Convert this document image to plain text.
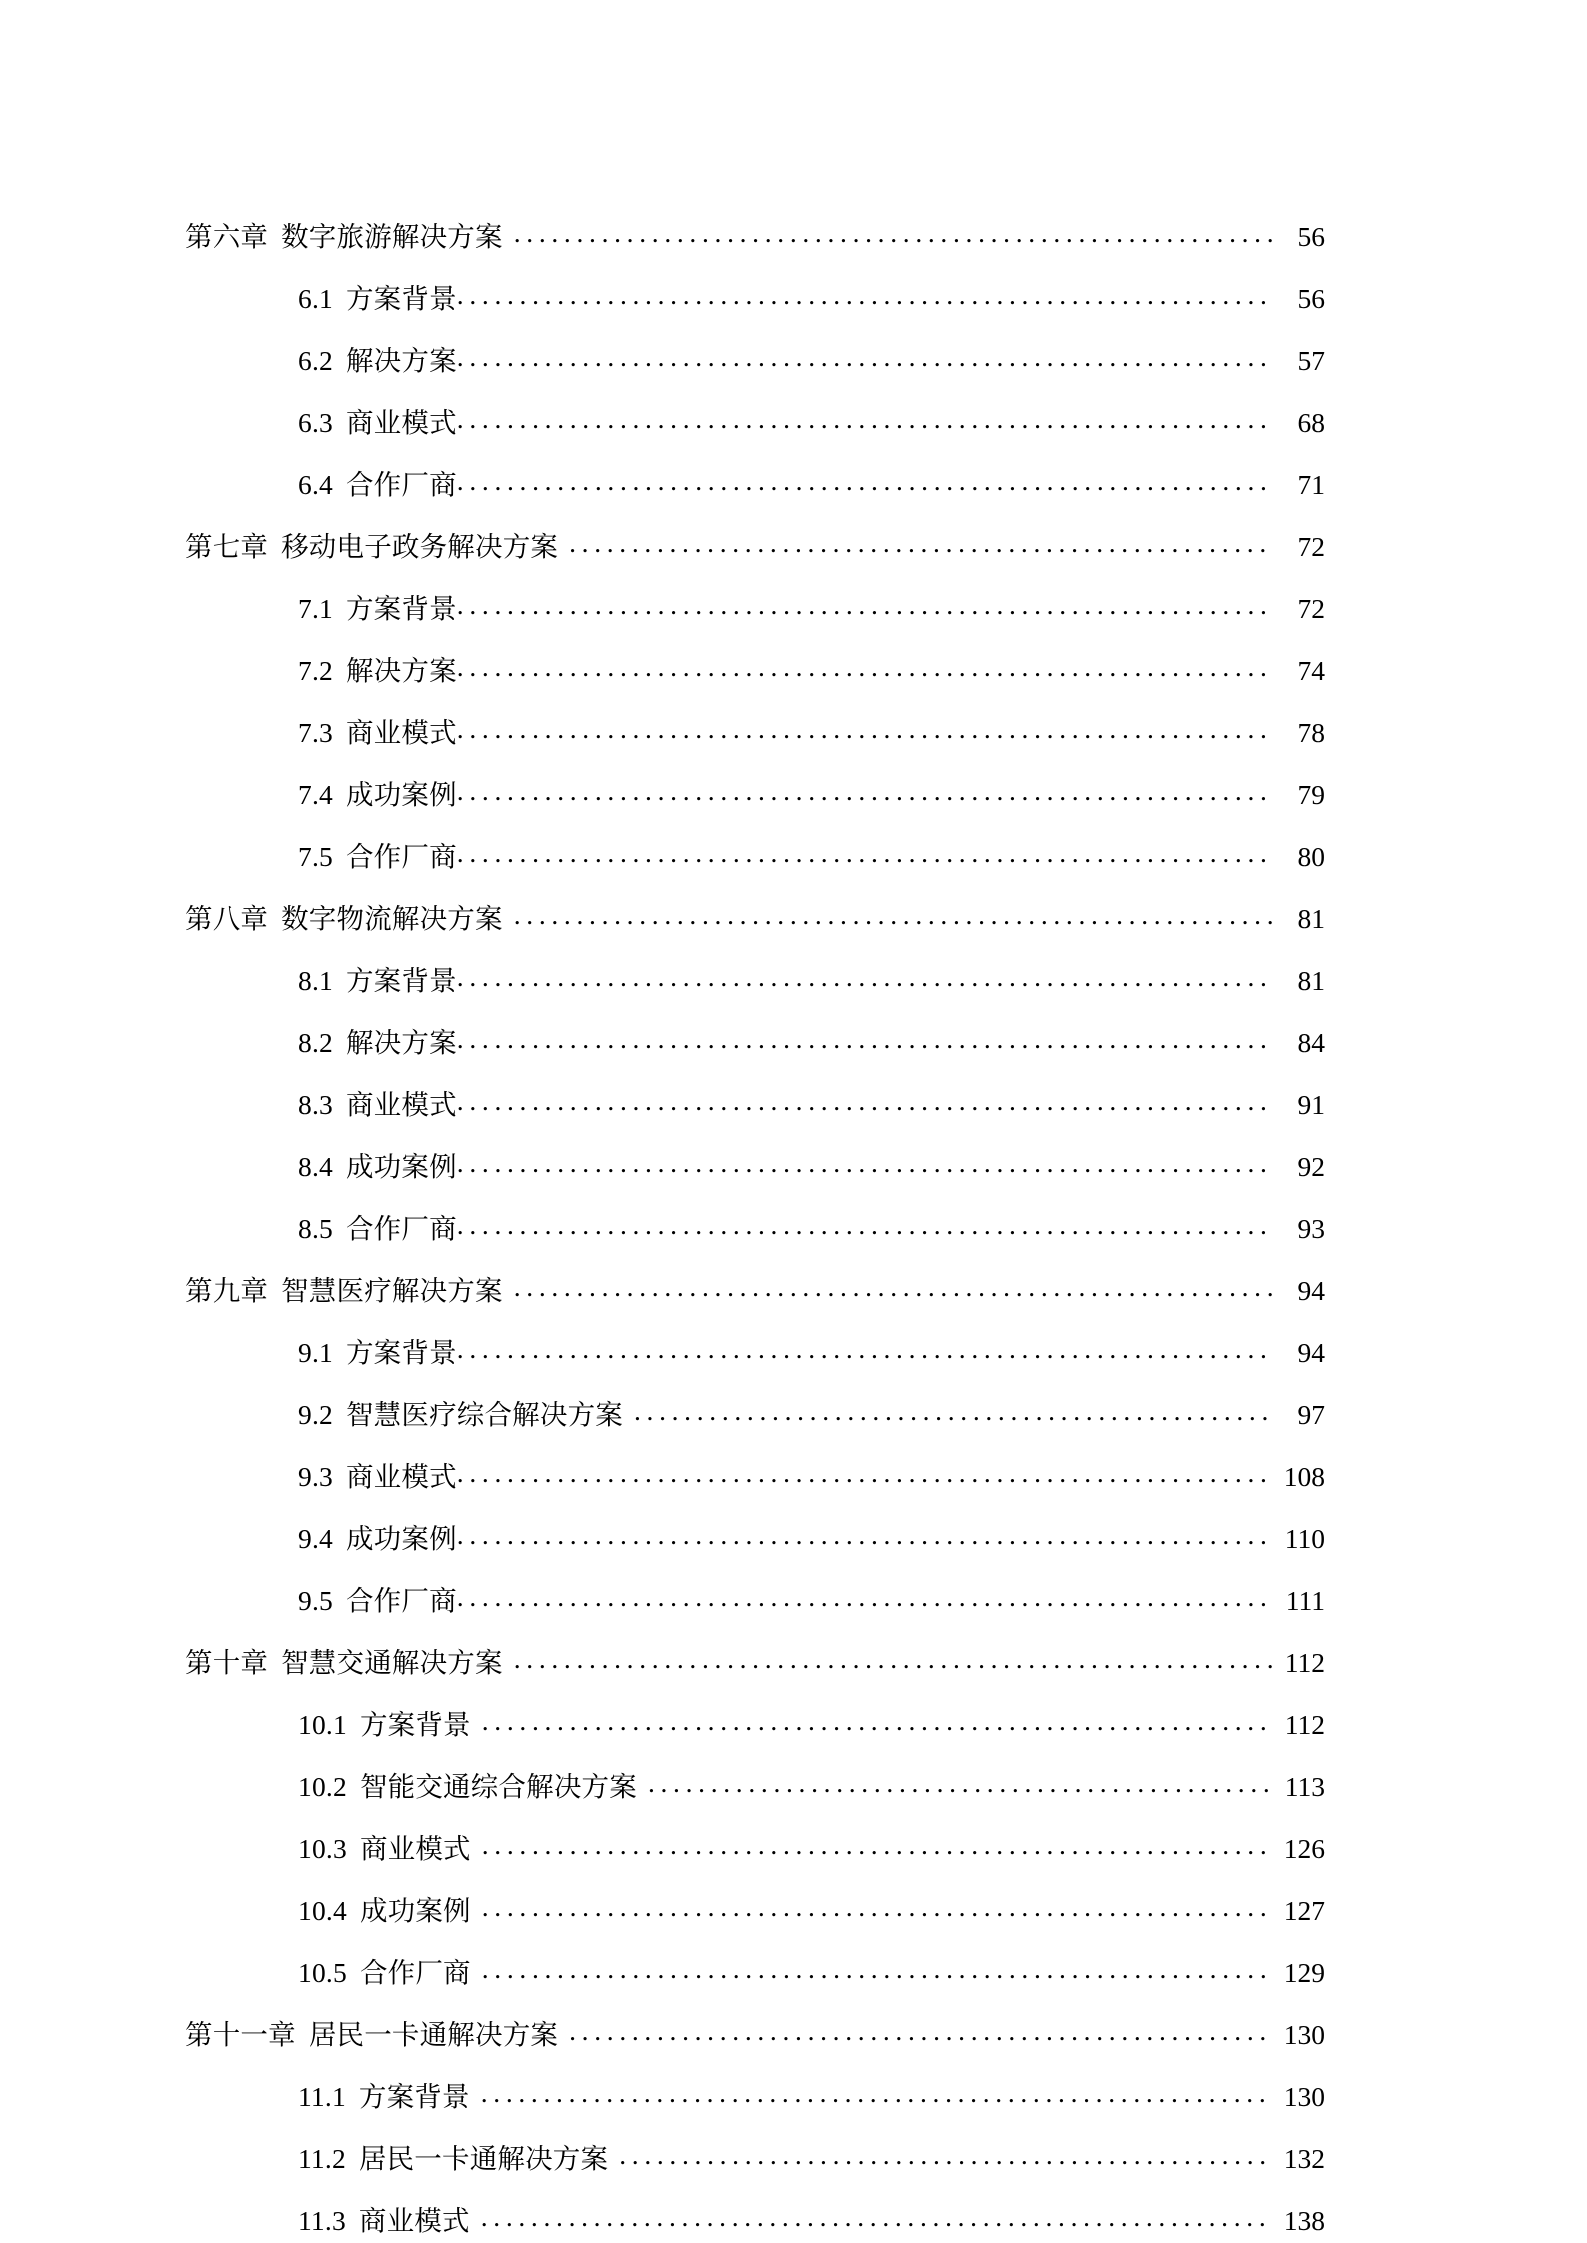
第六章 数字旅游解决方案 . . .	56
6.1 方案背景 . . .	56
6.2 解决方案 . . .	57
6.3 商业模式 . . .	68
6.4 合作厂商 . . .	71
第七章 移动电子政务解决方案 . . .	72
7.1 方案背景 . . .	72
7.2 解决方案 . . .	74
7.3 商业模式 . . .	78
7.4 成功案例 . . .	79
7.5 合作厂商 . . .	80
第八章 数字物流解决方案 . . .	81
8.1 方案背景 . . .	81
8.2 解决方案 . . .	84
8.3 商业模式 . . .	91
8.4 成功案例 . . .	92
8.5 合作厂商 . . .	93
第九章 智慧医疗解决方案 . . .	94
9.1 方案背景 . . .	94
9.2 智慧医疗综合解决方案 . . .	97
9.3 商业模式 . . .	108
9.4 成功案例 . . .	110
9.5 合作厂商 . . .	111
第十章 智慧交通解决方案 . . .	112
10.1 方案背景 . . .	112
10.2 智能交通综合解决方案 . . .	113
10.3 商业模式 . . .	126
10.4 成功案例 . . .	127
10.5 合作厂商 . . .	129
第十一章 居民一卡通解决方案 . . .	130
11.1 方案背景 . . .	130
11.2 居民一卡通解决方案 . . .	132
11.3 商业模式 . . .	138
